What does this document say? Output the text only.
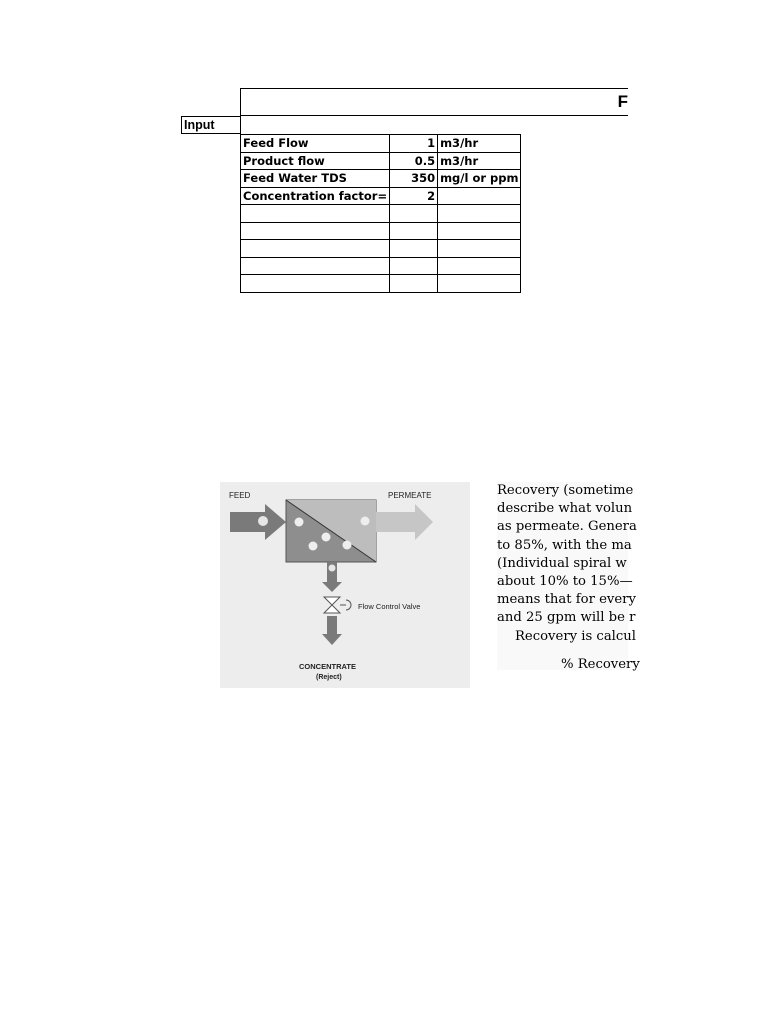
F
Input
Feed Flow	1	m3/hr
Product flow	0.5	m3/hr
Feed Water TDS	350	mg/l or ppm
Concentration factor=	2	

FEED	PERMEATE
Flow Control Valve
CONCENTRATE
(Reject)
Recovery (sometime
describe what volun
as permeate. Genera
to 85%, with the ma
(Individual spiral w
about 10% to 15%—
means that for every
and 25 gpm will be r
Recovery is calcul
% Recovery
